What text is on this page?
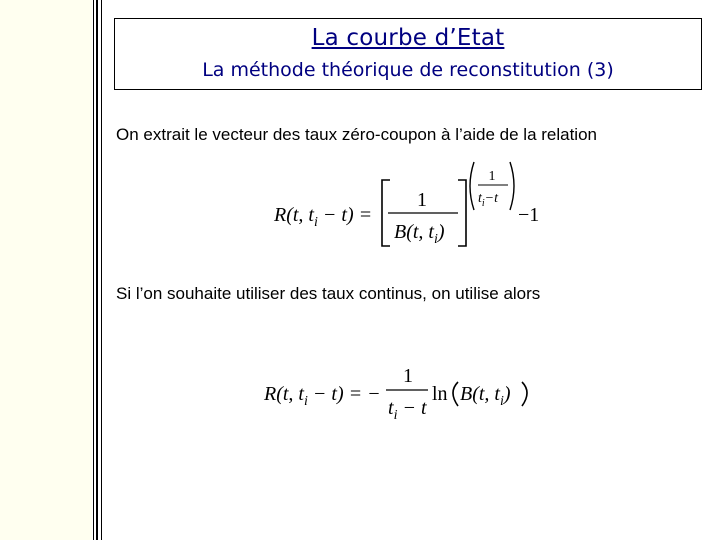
La courbe d’Etat
La méthode théorique de reconstitution (3)
On extrait le vecteur des taux zéro-coupon à l’aide de la relation
R(t, $t_i - t$) =
1
B(t, $t_i$)
1
$t_i-t$
−1
Si l’on souhaite utiliser des taux continus, on utilise alors
R(t, $t_i - t$) = −
1
$t_i - t$
ln B(t, $t_i$)
